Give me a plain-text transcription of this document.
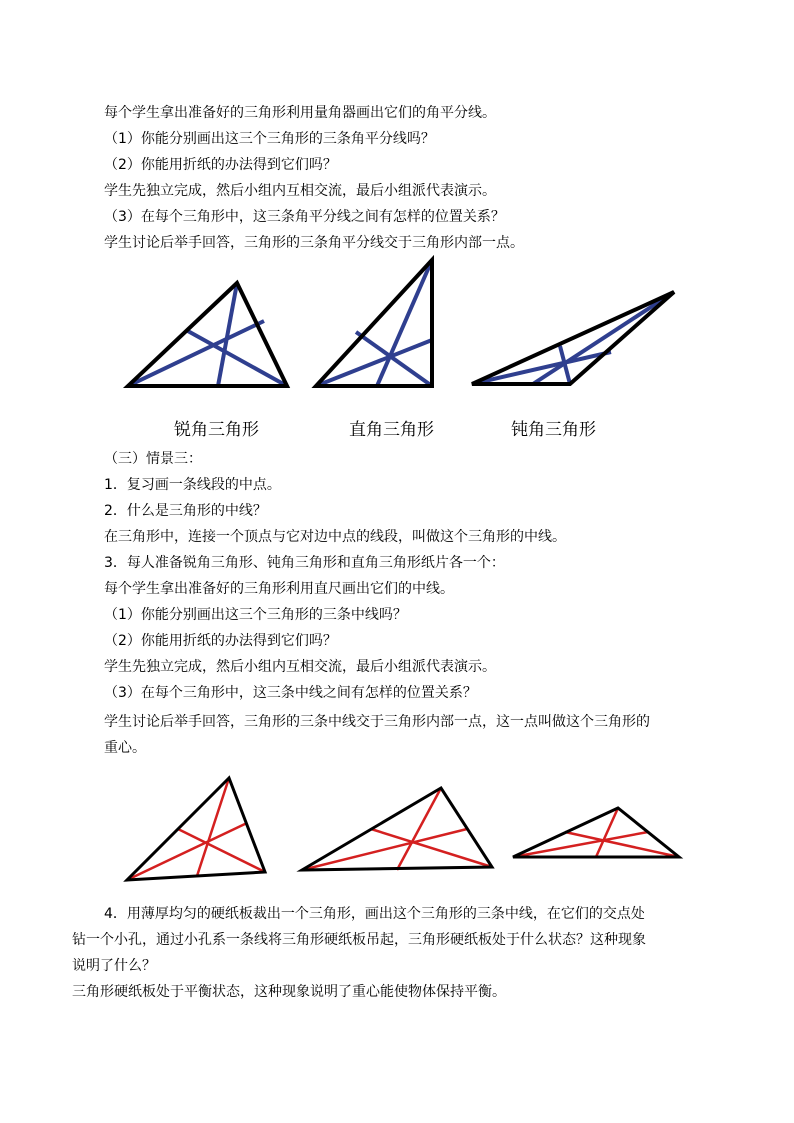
每个学生拿出准备好的三角形利用量角器画出它们的角平分线。
（1）你能分别画出这三个三角形的三条角平分线吗？
（2）你能用折纸的办法得到它们吗？
学生先独立完成，然后小组内互相交流，最后小组派代表演示。
（3）在每个三角形中，这三条角平分线之间有怎样的位置关系？
学生讨论后举手回答，三角形的三条角平分线交于三角形内部一点。
锐角三角形	直角三角形	钝角三角形
（三）情景三：
1．复习画一条线段的中点。
2．什么是三角形的中线？
在三角形中，连接一个顶点与它对边中点的线段，叫做这个三角形的中线。
3．每人准备锐角三角形、钝角三角形和直角三角形纸片各一个：
每个学生拿出准备好的三角形利用直尺画出它们的中线。
（1）你能分别画出这三个三角形的三条中线吗？
（2）你能用折纸的办法得到它们吗？
学生先独立完成，然后小组内互相交流，最后小组派代表演示。
（3）在每个三角形中，这三条中线之间有怎样的位置关系？
学生讨论后举手回答，三角形的三条中线交于三角形内部一点，这一点叫做这个三角形的
重心。
4．用薄厚均匀的硬纸板裁出一个三角形，画出这个三角形的三条中线，在它们的交点处
钻一个小孔，通过小孔系一条线将三角形硬纸板吊起，三角形硬纸板处于什么状态？这种现象
说明了什么？
三角形硬纸板处于平衡状态，这种现象说明了重心能使物体保持平衡。
